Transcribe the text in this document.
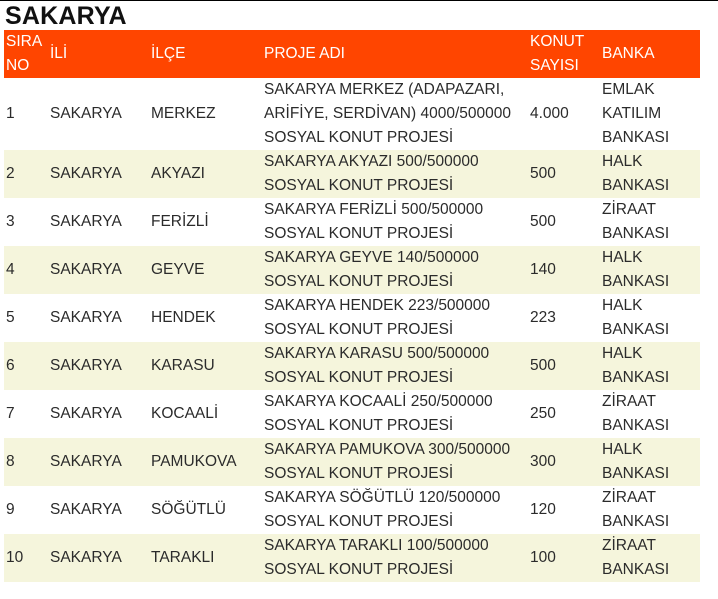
SAKARYA
SIRA NO	İLİ	İLÇE	PROJE ADI	KONUT SAYISI	BANKA
1	SAKARYA	MERKEZ	SAKARYA MERKEZ (ADAPAZARI, ARİFİYE, SERDİVAN) 4000/500000 SOSYAL KONUT PROJESİ	4.000	EMLAK KATILIM BANKASI
2	SAKARYA	AKYAZI	SAKARYA AKYAZI 500/500000 SOSYAL KONUT PROJESİ	500	HALK BANKASI
3	SAKARYA	FERİZLİ	SAKARYA FERİZLİ 500/500000 SOSYAL KONUT PROJESİ	500	ZİRAAT BANKASI
4	SAKARYA	GEYVE	SAKARYA GEYVE 140/500000 SOSYAL KONUT PROJESİ	140	HALK BANKASI
5	SAKARYA	HENDEK	SAKARYA HENDEK 223/500000 SOSYAL KONUT PROJESİ	223	HALK BANKASI
6	SAKARYA	KARASU	SAKARYA KARASU 500/500000 SOSYAL KONUT PROJESİ	500	HALK BANKASI
7	SAKARYA	KOCAALİ	SAKARYA KOCAALİ 250/500000 SOSYAL KONUT PROJESİ	250	ZİRAAT BANKASI
8	SAKARYA	PAMUKOVA	SAKARYA PAMUKOVA 300/500000 SOSYAL KONUT PROJESİ	300	HALK BANKASI
9	SAKARYA	SÖĞÜTLÜ	SAKARYA SÖĞÜTLÜ 120/500000 SOSYAL KONUT PROJESİ	120	ZİRAAT BANKASI
10	SAKARYA	TARAKLI	SAKARYA TARAKLI 100/500000 SOSYAL KONUT PROJESİ	100	ZİRAAT BANKASI
